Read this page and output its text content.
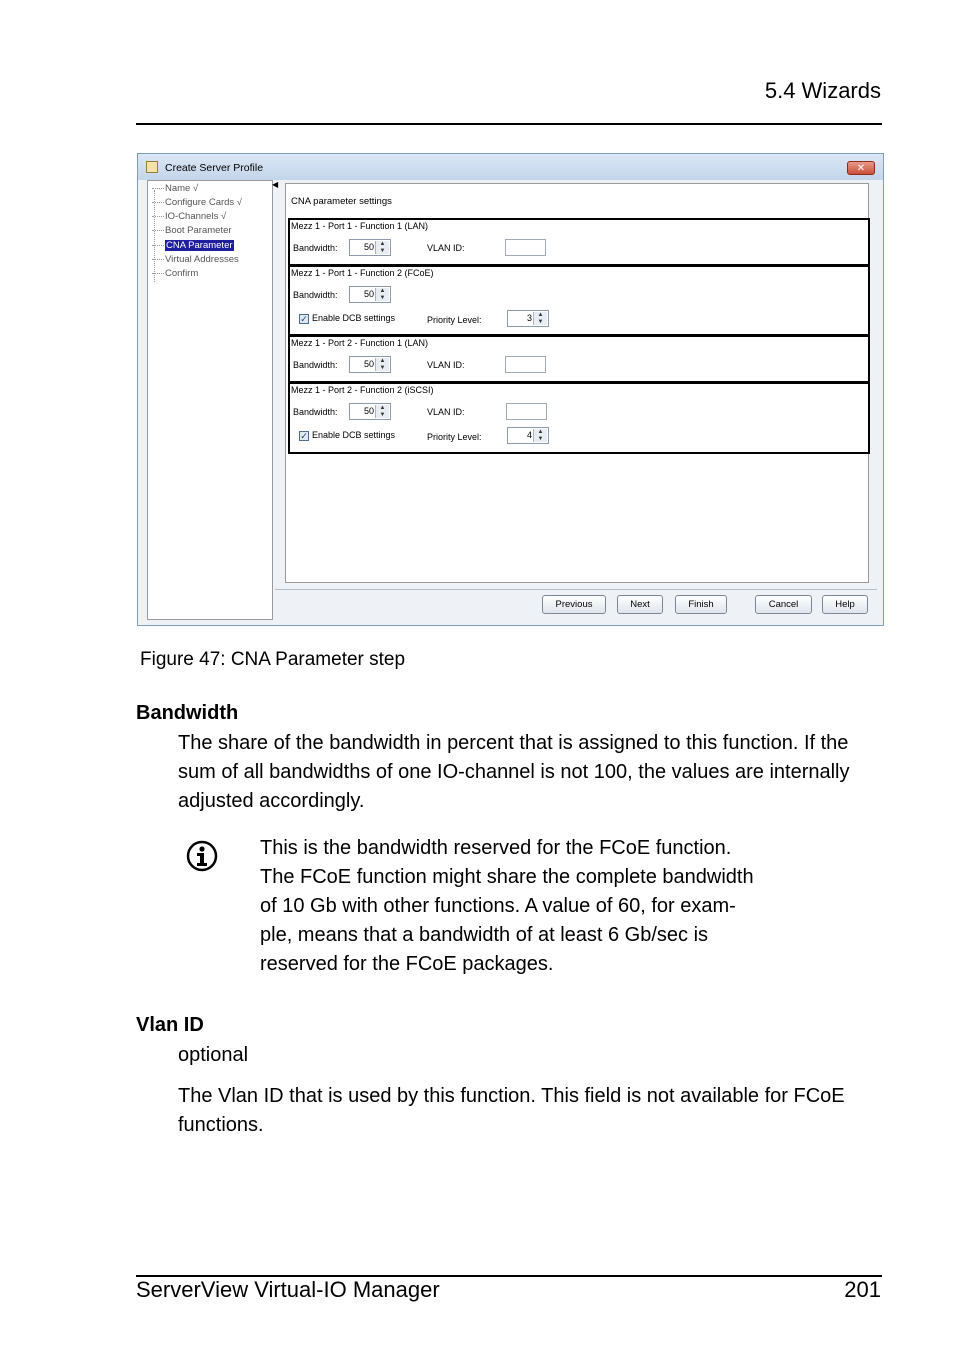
5.4 Wizards
Create Server Profile	✕
Name √
Configure Cards √
IO-Channels √
Boot Parameter
CNA Parameter
Virtual Addresses
Confirm
◀
CNA parameter settings
Mezz 1 - Port 1 - Function 1 (LAN)
Bandwidth:	50 ▲
▼	VLAN ID:
Mezz 1 - Port 1 - Function 2 (FCoE)
Bandwidth:	50 ▲
▼
✓ Enable DCB settings	Priority Level:	3 ▲
▼
Mezz 1 - Port 2 - Function 1 (LAN)
Bandwidth:	50 ▲
▼	VLAN ID:
Mezz 1 - Port 2 - Function 2 (iSCSI)
Bandwidth:	50 ▲
▼	VLAN ID:
✓ Enable DCB settings	Priority Level:	4 ▲
▼
Previous	Next	Finish	Cancel	Help
Figure 47: CNA Parameter step
Bandwidth
The share of the bandwidth in percent that is assigned to this function. If the sum of all bandwidths of one IO-channel is not 100, the values are internally adjusted accordingly.
This is the bandwidth reserved for the FCoE function.
The FCoE function might share the complete bandwidth
of 10 Gb with other functions. A value of 60, for exam-
ple, means that a bandwidth of at least 6 Gb/sec is
reserved for the FCoE packages.
Vlan ID
optional
The Vlan ID that is used by this function. This field is not available for FCoE functions.
ServerView Virtual-IO Manager	201
